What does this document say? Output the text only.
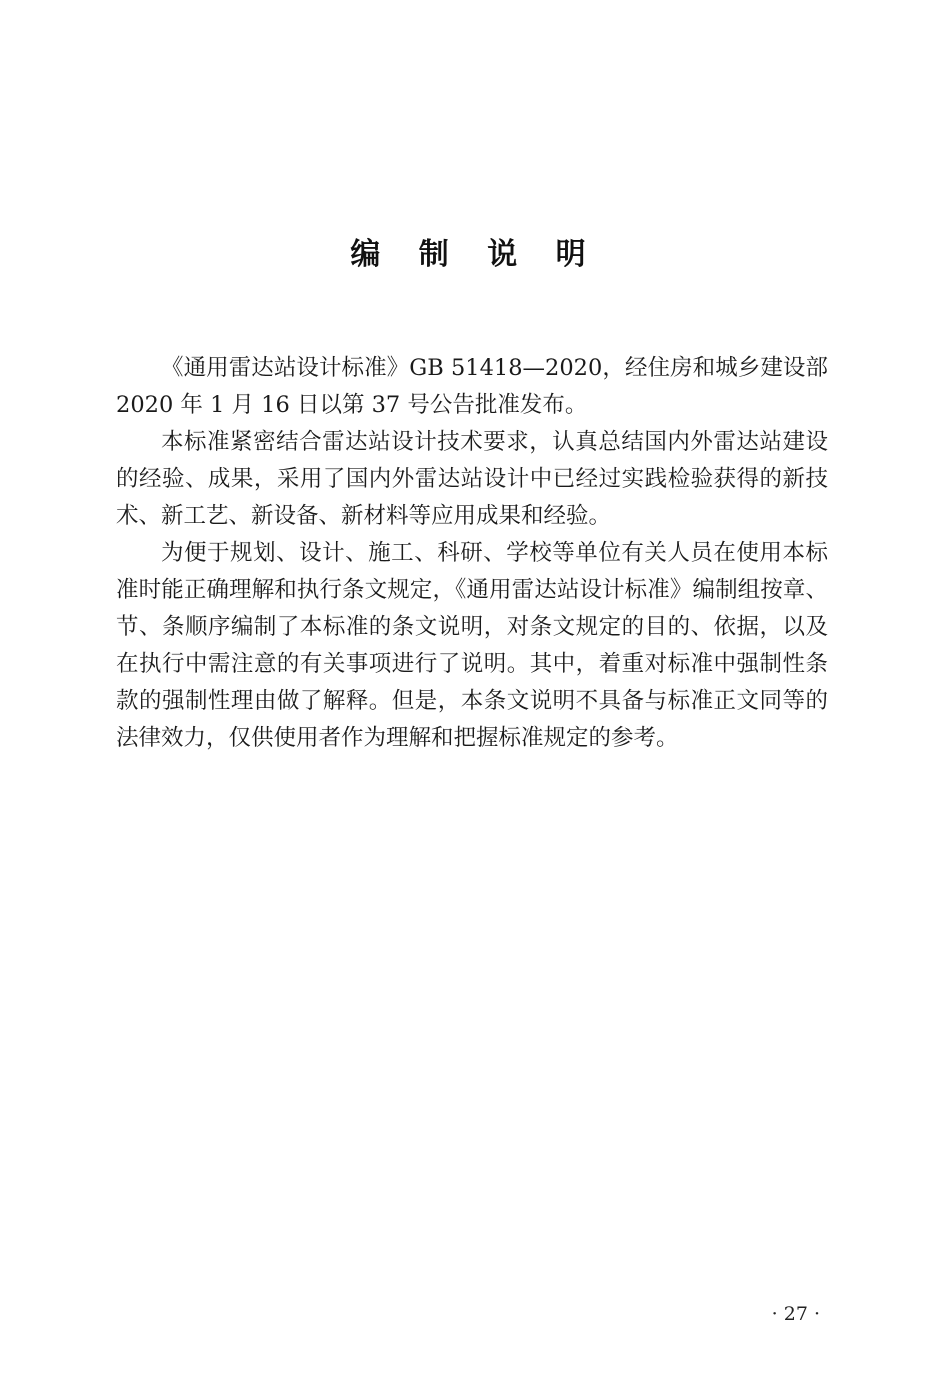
编 制 说 明

《通用雷达站设计标准》GB 51418—2020，经住房和城乡建设部 2020 年 1 月 16 日以第 37 号公告批准发布。

本标准紧密结合雷达站设计技术要求，认真总结国内外雷达站建设的经验、成果，采用了国内外雷达站设计中已经过实践检验获得的新技术、新工艺、新设备、新材料等应用成果和经验。

为便于规划、设计、施工、科研、学校等单位有关人员在使用本标准时能正确理解和执行条文规定，《通用雷达站设计标准》编制组按章、节、条顺序编制了本标准的条文说明，对条文规定的目的、依据，以及在执行中需注意的有关事项进行了说明。其中，着重对标准中强制性条款的强制性理由做了解释。但是，本条文说明不具备与标准正文同等的法律效力，仅供使用者作为理解和把握标准规定的参考。

· 27 ·
